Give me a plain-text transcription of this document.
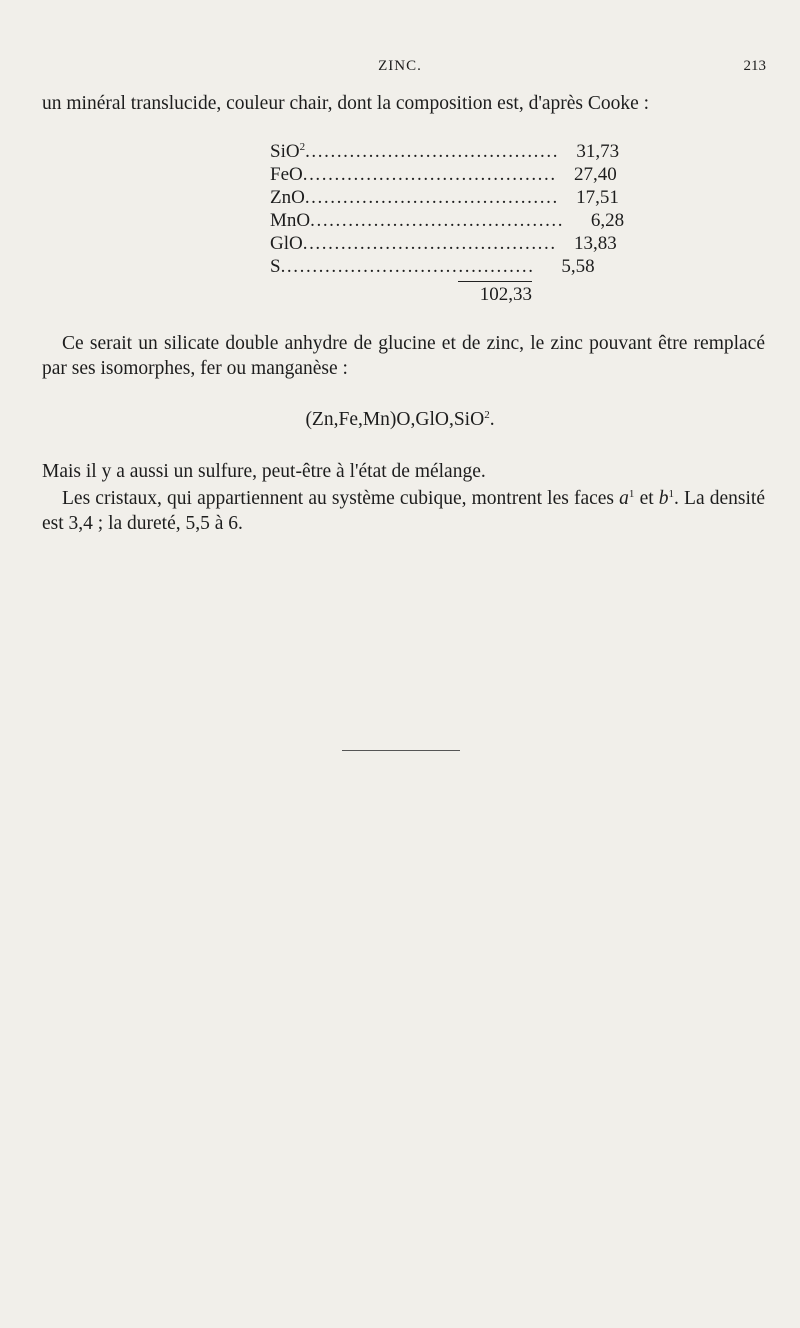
ZINC.	213
un minéral translucide, couleur chair, dont la composition est, d'après Cooke :
SiO$^2$ ........................................ 31,73
FeO ........................................ 27,40
ZnO ........................................ 17,51
MnO ........................................	6,28
GlO ........................................ 13,83
S ........................................	5,58
102,33
Ce serait un silicate double anhydre de glucine et de zinc, le zinc pouvant être remplacé par ses isomorphes, fer ou manganèse :
(Zn,Fe,Mn)O,GlO,SiO$^2$.
Mais il y a aussi un sulfure, peut-être à l'état de mélange.
Les cristaux, qui appartiennent au système cubique, montrent les faces $a^1$ et $b^1$. La densité est 3,4 ; la dureté, 5,5 à 6.
